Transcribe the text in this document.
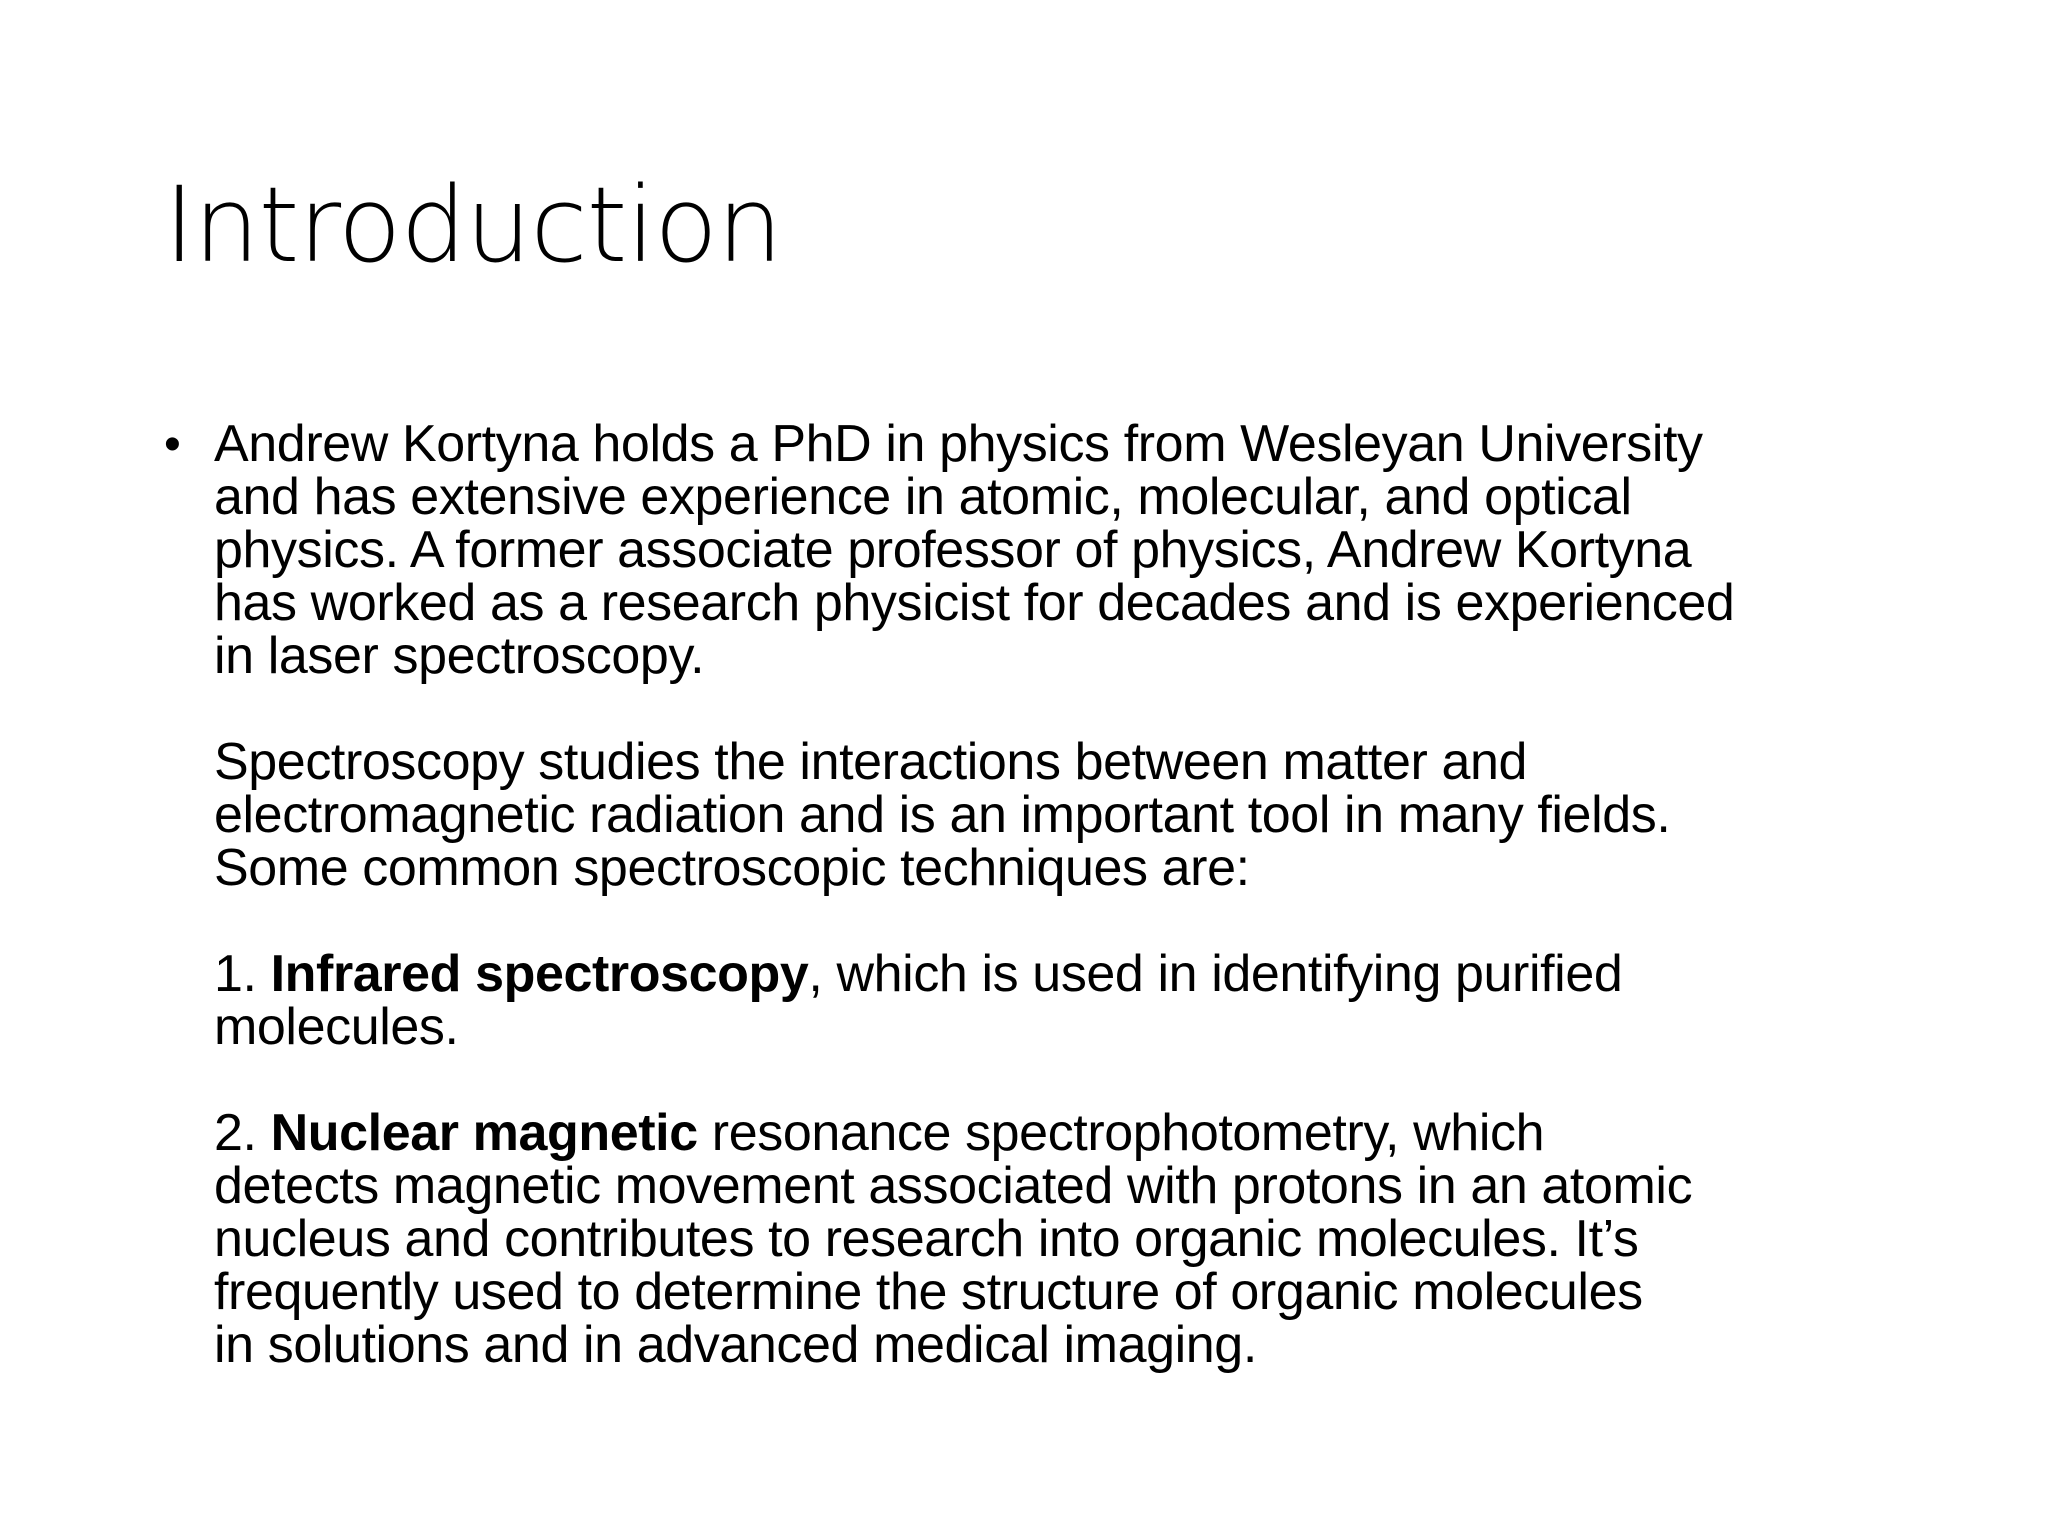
Introduction
• Andrew Kortyna holds a PhD in physics from Wesleyan University
and has extensive experience in atomic, molecular, and optical
physics. A former associate professor of physics, Andrew Kortyna
has worked as a research physicist for decades and is experienced
in laser spectroscopy.

Spectroscopy studies the interactions between matter and
electromagnetic radiation and is an important tool in many fields.
Some common spectroscopic techniques are:

1. Infrared spectroscopy, which is used in identifying purified
molecules.

2. Nuclear magnetic resonance spectrophotometry, which
detects magnetic movement associated with protons in an atomic
nucleus and contributes to research into organic molecules. It’s
frequently used to determine the structure of organic molecules
in solutions and in advanced medical imaging.
